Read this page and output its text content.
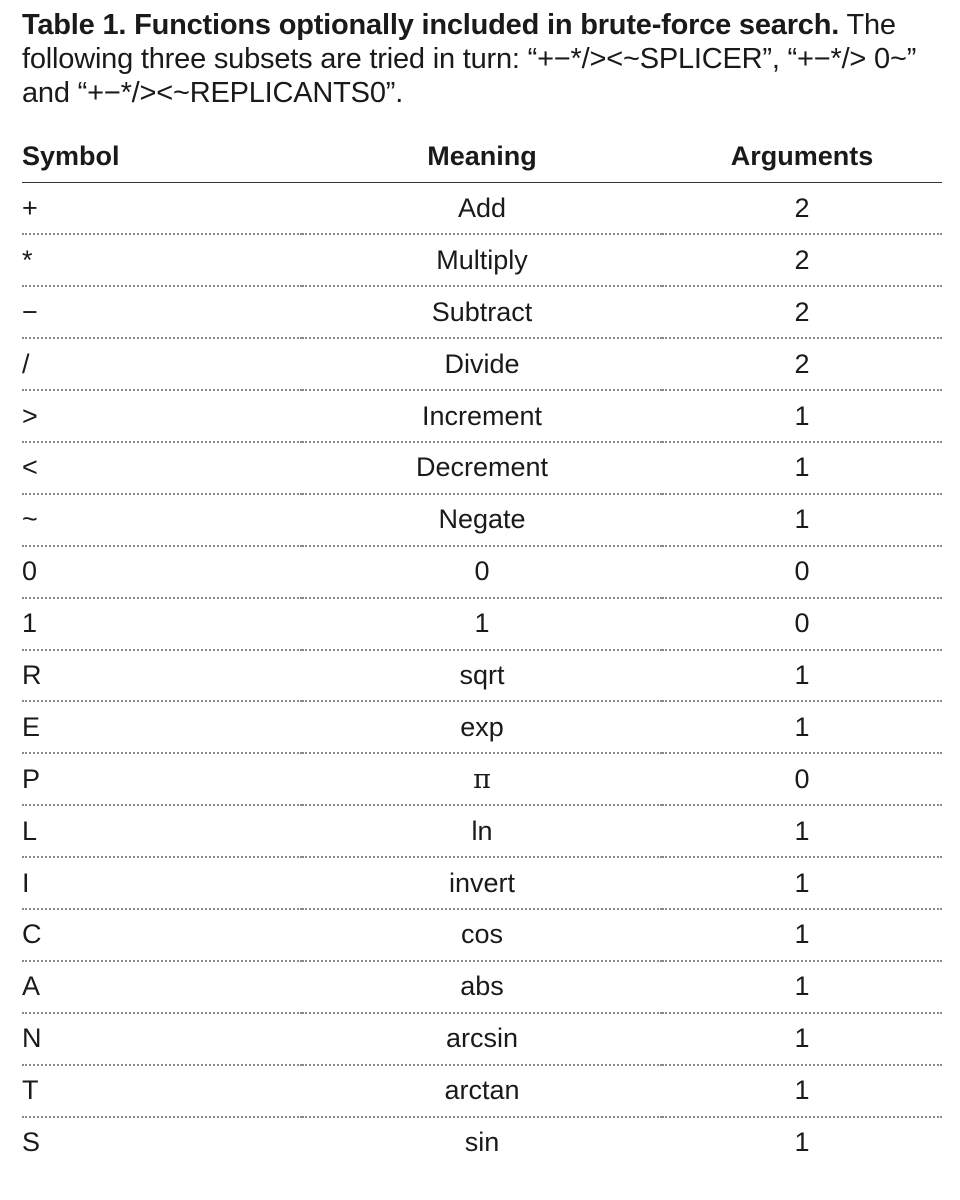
Table 1. Functions optionally included in brute-force search. The following three subsets are tried in turn: “+−*/><~SPLICER”, “+−*/> 0~” and “+−*/><~REPLICANTS0”.

Symbol	Meaning	Arguments
+	Add	2
*	Multiply	2
−	Subtract	2
/	Divide	2
>	Increment	1
<	Decrement	1
~	Negate	1
0	0	0
1	1	0
R	sqrt	1
E	exp	1
P	π	0
L	ln	1
I	invert	1
C	cos	1
A	abs	1
N	arcsin	1
T	arctan	1
S	sin	1
